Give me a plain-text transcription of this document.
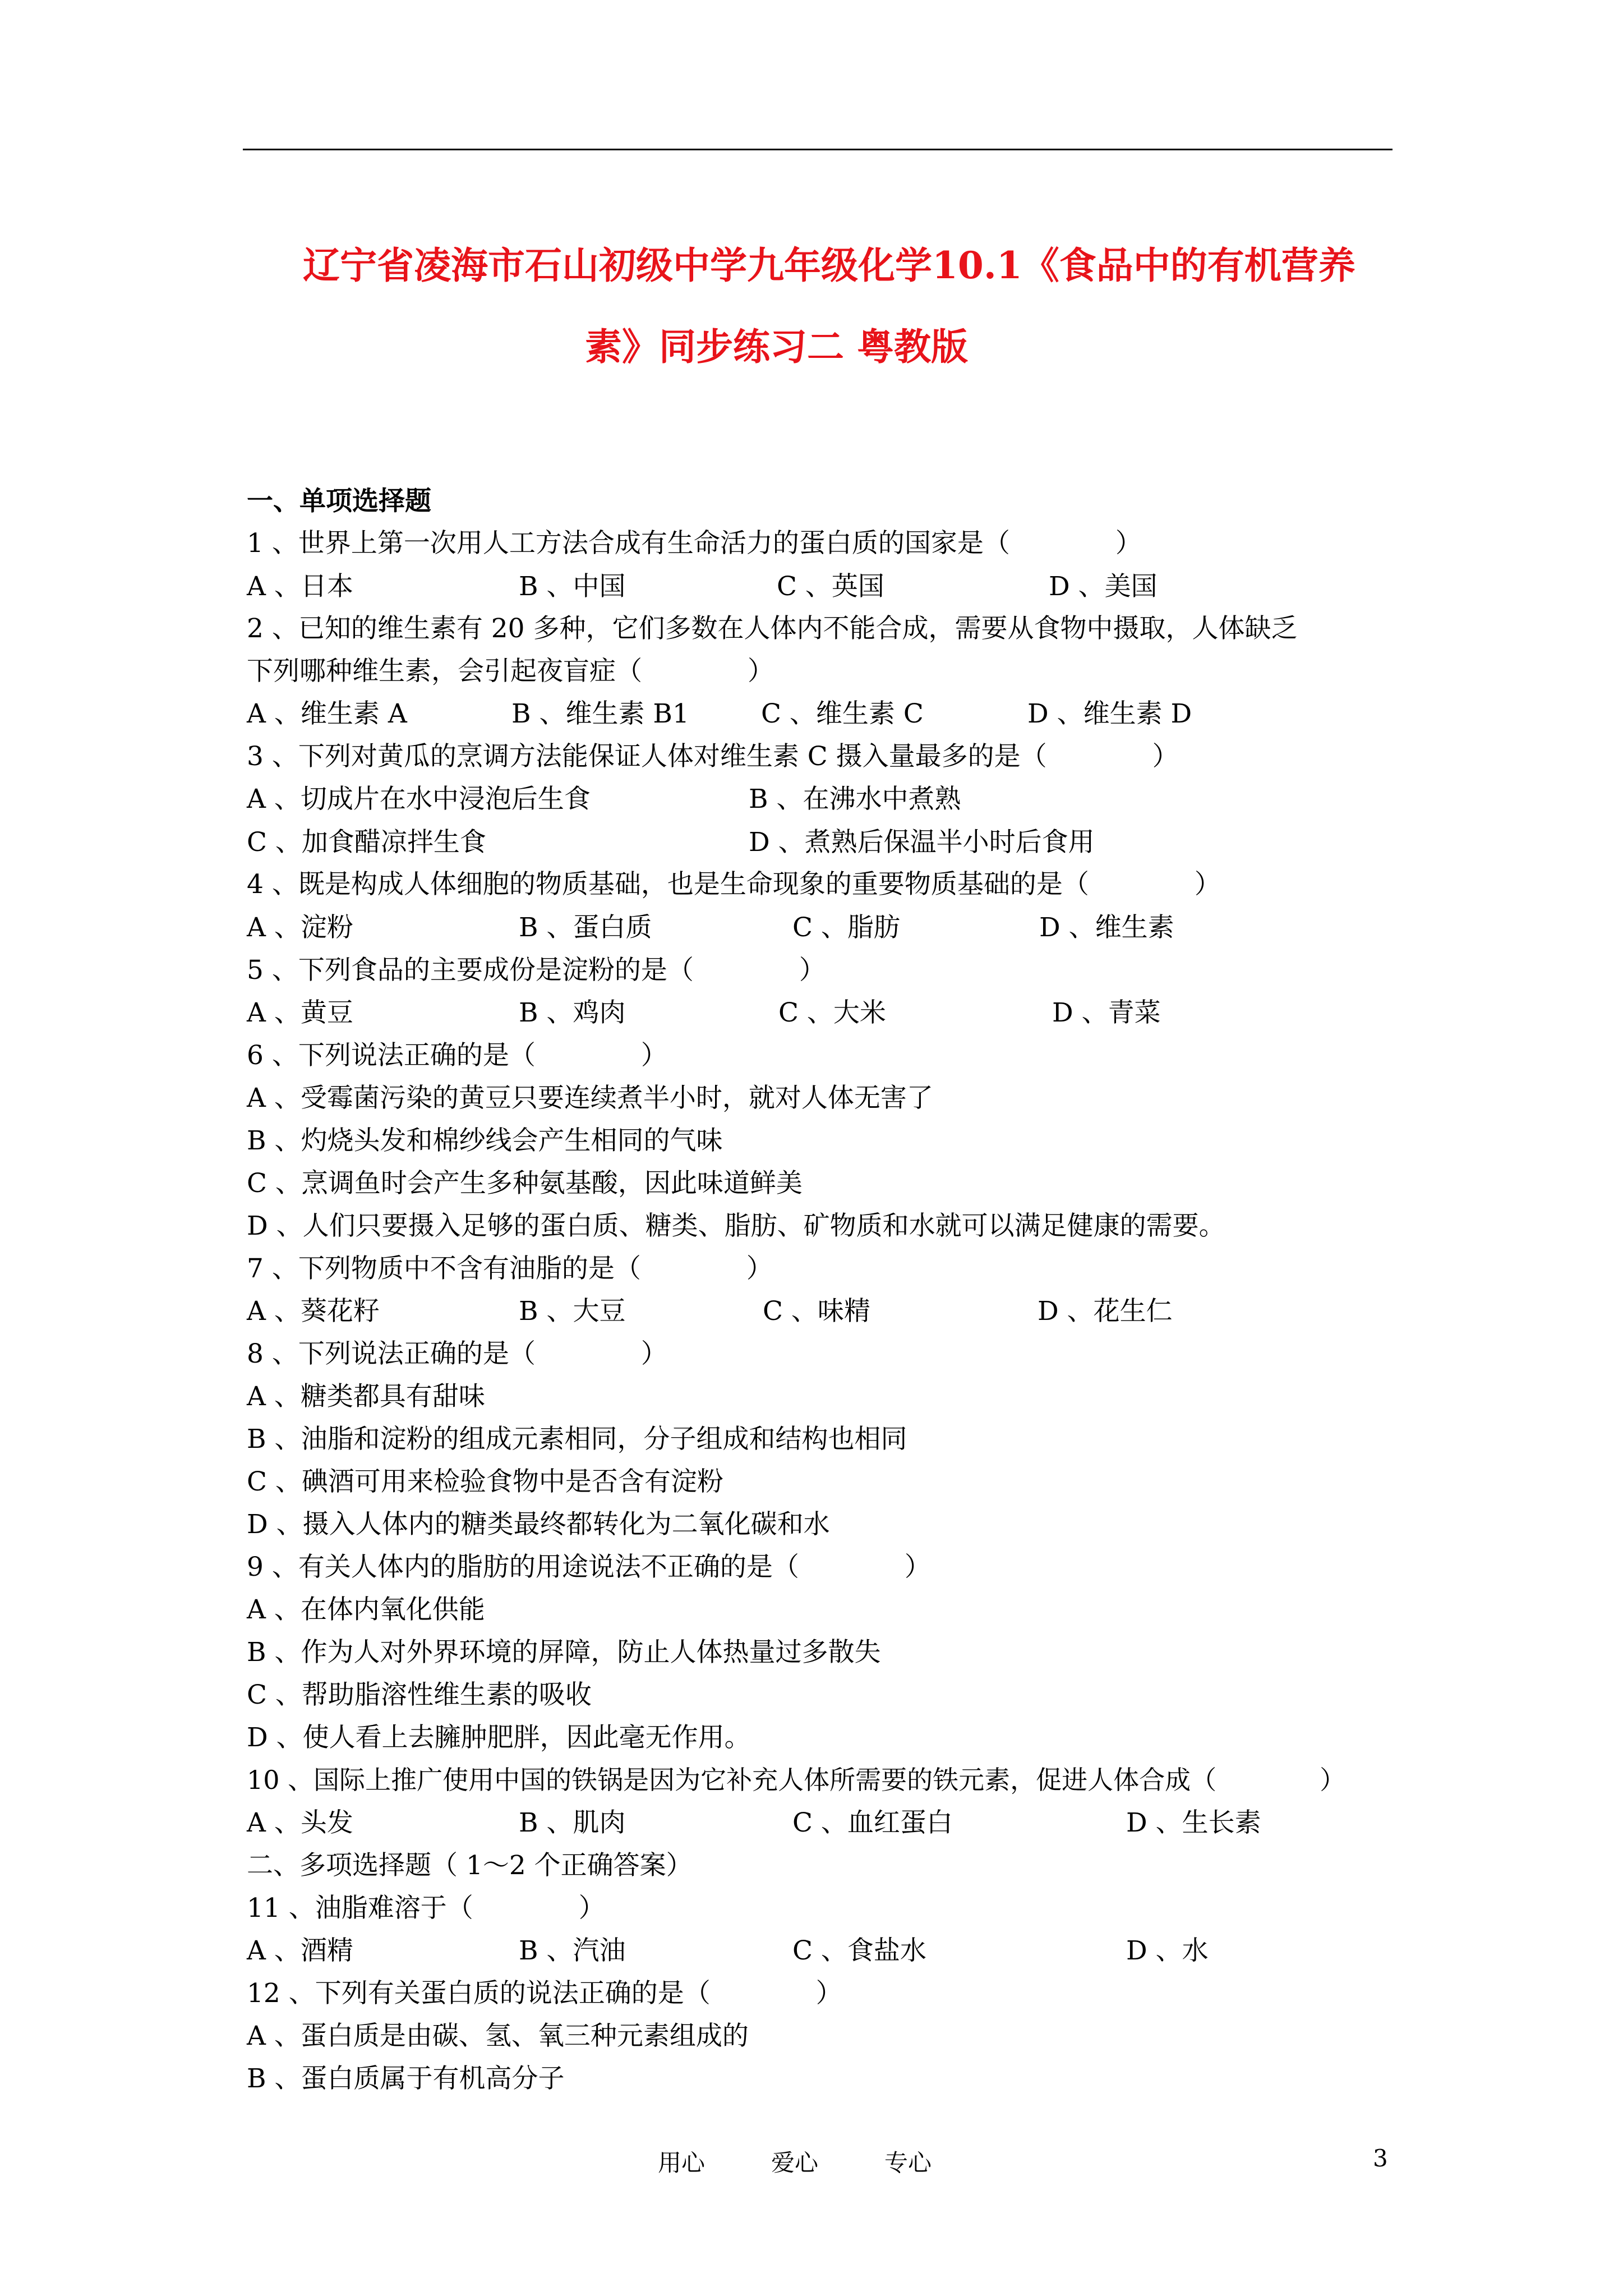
辽宁省凌海市石山初级中学九年级化学10.1《食品中的有机营养
素》同步练习二 粤教版
一、单项选择题
1 、世界上第一次用人工方法合成有生命活力的蛋白质的国家是（　　　　）
A 、日本	B 、中国	C 、英国	D 、美国
2 、已知的维生素有 20 多种，它们多数在人体内不能合成，需要从食物中摄取，人体缺乏
下列哪种维生素，会引起夜盲症（　　　　）
A 、维生素 A	B 、维生素 B1	C 、维生素 C	D 、维生素 D
3 、下列对黄瓜的烹调方法能保证人体对维生素 C 摄入量最多的是（　　　　）
A 、切成片在水中浸泡后生食	B 、在沸水中煮熟
C 、加食醋凉拌生食	D 、煮熟后保温半小时后食用
4 、既是构成人体细胞的物质基础，也是生命现象的重要物质基础的是（　　　　）
A 、淀粉	B 、蛋白质	C 、脂肪	D 、维生素
5 、下列食品的主要成份是淀粉的是（　　　　）
A 、黄豆	B 、鸡肉	C 、大米	D 、青菜
6 、下列说法正确的是（　　　　）
A 、受霉菌污染的黄豆只要连续煮半小时，就对人体无害了
B 、灼烧头发和棉纱线会产生相同的气味
C 、烹调鱼时会产生多种氨基酸，因此味道鲜美
D 、人们只要摄入足够的蛋白质、糖类、脂肪、矿物质和水就可以满足健康的需要。
7 、下列物质中不含有油脂的是（　　　　）
A 、葵花籽	B 、大豆	C 、味精	D 、花生仁
8 、下列说法正确的是（　　　　）
A 、糖类都具有甜味
B 、油脂和淀粉的组成元素相同，分子组成和结构也相同
C 、碘酒可用来检验食物中是否含有淀粉
D 、摄入人体内的糖类最终都转化为二氧化碳和水
9 、有关人体内的脂肪的用途说法不正确的是（　　　　）
A 、在体内氧化供能
B 、作为人对外界环境的屏障，防止人体热量过多散失
C 、帮助脂溶性维生素的吸收
D 、使人看上去臃肿肥胖，因此毫无作用。
10 、国际上推广使用中国的铁锅是因为它补充人体所需要的铁元素，促进人体合成（　　　　）
A 、头发	B 、肌肉	C 、血红蛋白	D 、生长素
二、多项选择题（ 1～2 个正确答案）
11 、油脂难溶于（　　　　）
A 、酒精	B 、汽油	C 、食盐水	D 、水
12 、下列有关蛋白质的说法正确的是（　　　　）
A 、蛋白质是由碳、氢、氧三种元素组成的
B 、蛋白质属于有机高分子
用心	爱心	专心	3
